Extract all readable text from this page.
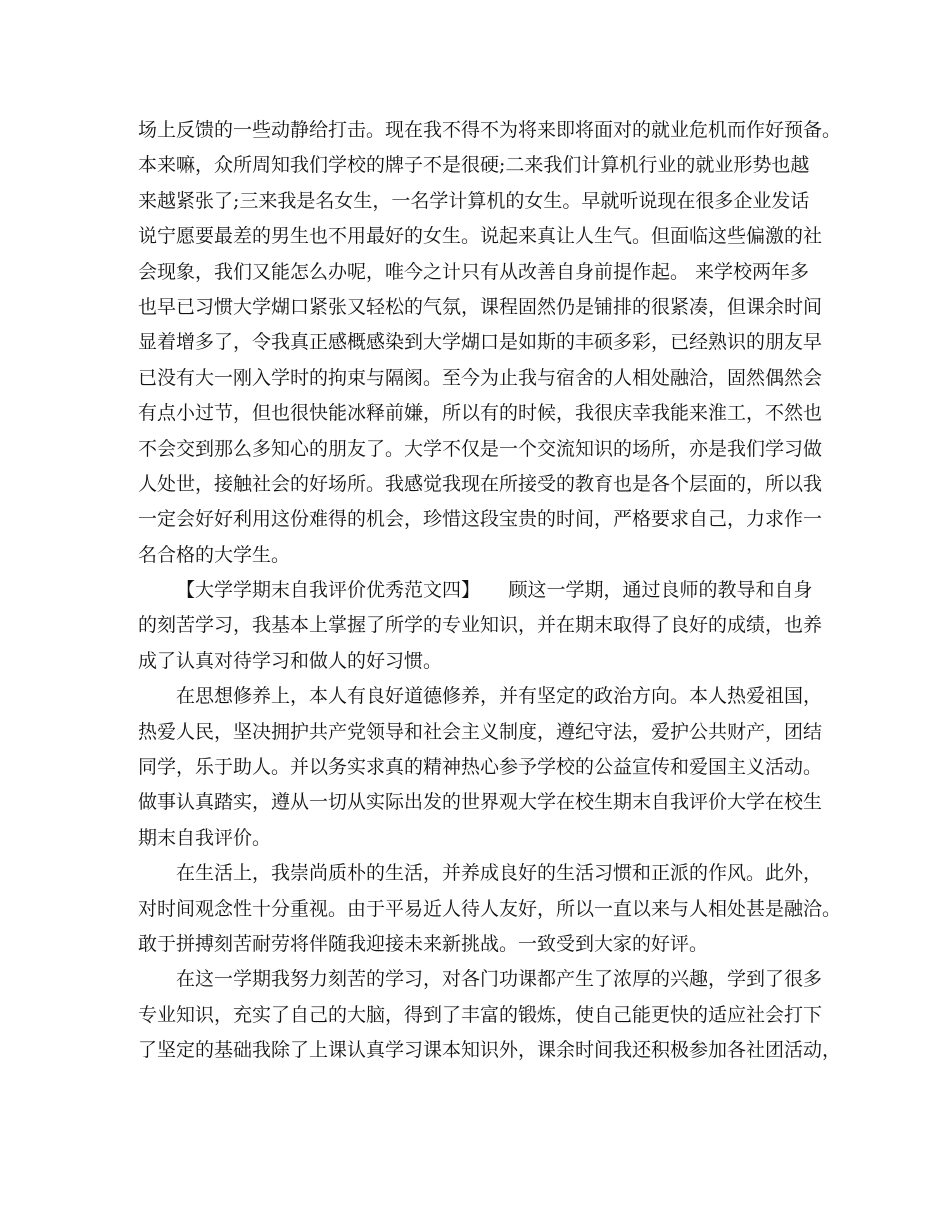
场上反馈的一些动静给打击。现在我不得不为将来即将面对的就业危机而作好预备。
本来嘛，众所周知我们学校的牌子不是很硬;二来我们计算机行业的就业形势也越
来越紧张了;三来我是名女生，一名学计算机的女生。早就听说现在很多企业发话
说宁愿要最差的男生也不用最好的女生。说起来真让人生气。但面临这些偏激的社
会现象，我们又能怎么办呢，唯今之计只有从改善自身前提作起。 来学校两年多
也早已习惯大学煳口紧张又轻松的气氛，课程固然仍是铺排的很紧凑，但课余时间
显着增多了，令我真正感概感染到大学煳口是如斯的丰硕多彩，已经熟识的朋友早
已没有大一刚入学时的拘束与隔阂。至今为止我与宿舍的人相处融洽，固然偶然会
有点小过节，但也很快能冰释前嫌，所以有的时候，我很庆幸我能来淮工，不然也
不会交到那么多知心的朋友了。大学不仅是一个交流知识的场所，亦是我们学习做
人处世，接触社会的好场所。我感觉我现在所接受的教育也是各个层面的，所以我
一定会好好利用这份难得的机会，珍惜这段宝贵的时间，严格要求自己，力求作一
名合格的大学生。
【大学学期末自我评价优秀范文四】　　顾这一学期，通过良师的教导和自身
的刻苦学习，我基本上掌握了所学的专业知识，并在期末取得了良好的成绩，也养
成了认真对待学习和做人的好习惯。
在思想修养上，本人有良好道德修养，并有坚定的政治方向。本人热爱祖国，
热爱人民，坚决拥护共产党领导和社会主义制度，遵纪守法，爱护公共财产，团结
同学，乐于助人。并以务实求真的精神热心参予学校的公益宣传和爱国主义活动。
做事认真踏实，遵从一切从实际出发的世界观大学在校生期末自我评价大学在校生
期末自我评价。
在生活上，我崇尚质朴的生活，并养成良好的生活习惯和正派的作风。此外，
对时间观念性十分重视。由于平易近人待人友好，所以一直以来与人相处甚是融洽。
敢于拼搏刻苦耐劳将伴随我迎接未来新挑战。一致受到大家的好评。
在这一学期我努力刻苦的学习，对各门功课都产生了浓厚的兴趣，学到了很多
专业知识，充实了自己的大脑，得到了丰富的锻炼，使自己能更快的适应社会打下
了坚定的基础我除了上课认真学习课本知识外，课余时间我还积极参加各社团活动，
